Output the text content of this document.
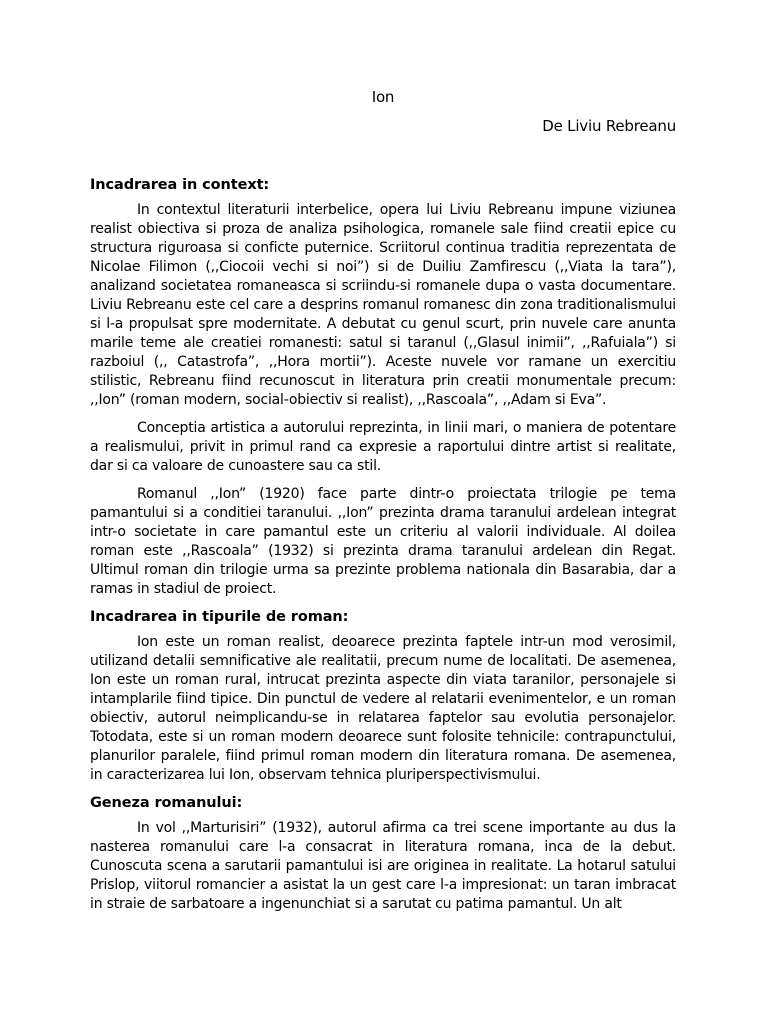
Ion
De Liviu Rebreanu
Incadrarea in context:

In contextul literaturii interbelice, opera lui Liviu Rebreanu impune viziunea realist obiectiva si proza de analiza psihologica, romanele sale fiind creatii epice cu structura riguroasa si conficte puternice. Scriitorul continua traditia reprezentata de Nicolae Filimon (,,Ciocoii vechi si noi”) si de Duiliu Zamfirescu (,,Viata la tara”), analizand societatea romaneasca si scriindu-si romanele dupa o vasta documentare. Liviu Rebreanu este cel care a desprins romanul romanesc din zona traditionalismului si l-a propulsat spre modernitate. A debutat cu genul scurt, prin nuvele care anunta marile teme ale creatiei romanesti: satul si taranul (,,Glasul inimii”, ,,Rafuiala”) si razboiul (,, Catastrofa”, ,,Hora mortii”). Aceste nuvele vor ramane un exercitiu stilistic, Rebreanu fiind recunoscut in literatura prin creatii monumentale precum: ,,Ion” (roman modern, social-obiectiv si realist), ,,Rascoala”, ,,Adam si Eva”.

Conceptia artistica a autorului reprezinta, in linii mari, o maniera de potentare a realismului, privit in primul rand ca expresie a raportului dintre artist si realitate, dar si ca valoare de cunoastere sau ca stil.

Romanul ,,Ion” (1920) face parte dintr-o proiectata trilogie pe tema pamantului si a conditiei taranului. ,,Ion” prezinta drama taranului ardelean integrat intr-o societate in care pamantul este un criteriu al valorii individuale. Al doilea roman este ,,Rascoala” (1932) si prezinta drama taranului ardelean din Regat. Ultimul roman din trilogie urma sa prezinte problema nationala din Basarabia, dar a ramas in stadiul de proiect.

Incadrarea in tipurile de roman:

Ion este un roman realist, deoarece prezinta faptele intr-un mod verosimil, utilizand detalii semnificative ale realitatii, precum nume de localitati. De asemenea, Ion este un roman rural, intrucat prezinta aspecte din viata taranilor, personajele si intamplarile fiind tipice. Din punctul de vedere al relatarii evenimentelor, e un roman obiectiv, autorul neimplicandu-se in relatarea faptelor sau evolutia personajelor. Totodata, este si un roman modern deoarece sunt folosite tehnicile: contrapunctului, planurilor paralele, fiind primul roman modern din literatura romana. De asemenea, in caracterizarea lui Ion, observam tehnica pluriperspectivismului.

Geneza romanului:

In vol ,,Marturisiri” (1932), autorul afirma ca trei scene importante au dus la nasterea romanului care l-a consacrat in literatura romana, inca de la debut. Cunoscuta scena a sarutarii pamantului isi are originea in realitate. La hotarul satului Prislop, viitorul romancier a asistat la un gest care l-a impresionat: un taran imbracat in straie de sarbatoare a ingenunchiat si a sarutat cu patima pamantul. Un alt
